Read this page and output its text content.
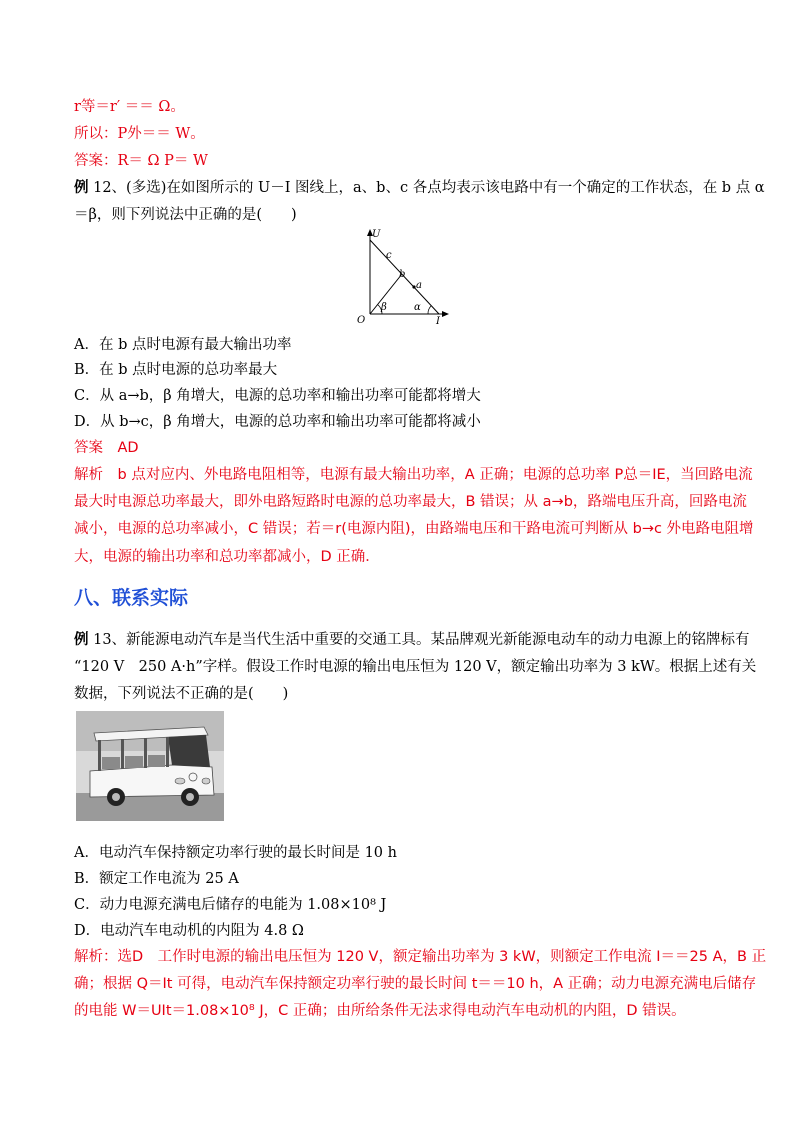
r等＝r′ ＝＝ Ω。
所以：P外＝＝ W。
答案：R＝ Ω P＝ W
例 12、(多选)在如图所示的 U－I 图线上，a、b、c 各点均表示该电路中有一个确定的工作状态，在 b 点 α
＝β，则下列说法中正确的是(　　)
U
I
O
c
b
a
β	α
A．在 b 点时电源有最大输出功率
B．在 b 点时电源的总功率最大
C．从 a→b，β 角增大，电源的总功率和输出功率可能都将增大
D．从 b→c，β 角增大，电源的总功率和输出功率可能都将减小
答案　AD
解析　b 点对应内、外电路电阻相等，电源有最大输出功率，A 正确；电源的总功率 P总＝IE，当回路电流
最大时电源总功率最大，即外电路短路时电源的总功率最大，B 错误；从 a→b，路端电压升高，回路电流
减小，电源的总功率减小，C 错误；若＝r(电源内阻)，由路端电压和干路电流可判断从 b→c 外电路电阻增
大，电源的输出功率和总功率都减小，D 正确．
八、联系实际
例 13、新能源电动汽车是当代生活中重要的交通工具。某品牌观光新能源电动车的动力电源上的铭牌标有
“120 V　250 A·h”字样。假设工作时电源的输出电压恒为 120 V，额定输出功率为 3 kW。根据上述有关
数据，下列说法不正确的是(　　)
A．电动汽车保持额定功率行驶的最长时间是 10 h
B．额定工作电流为 25 A
C．动力电源充满电后储存的电能为 1.08×10⁸ J
D．电动汽车电动机的内阻为 4.8 Ω
解析：选D　工作时电源的输出电压恒为 120 V，额定输出功率为 3 kW，则额定工作电流 I＝＝25 A，B 正
确；根据 Q＝It 可得，电动汽车保持额定功率行驶的最长时间 t＝＝10 h，A 正确；动力电源充满电后储存
的电能 W＝UIt＝1.08×10⁸ J，C 正确；由所给条件无法求得电动汽车电动机的内阻，D 错误。
